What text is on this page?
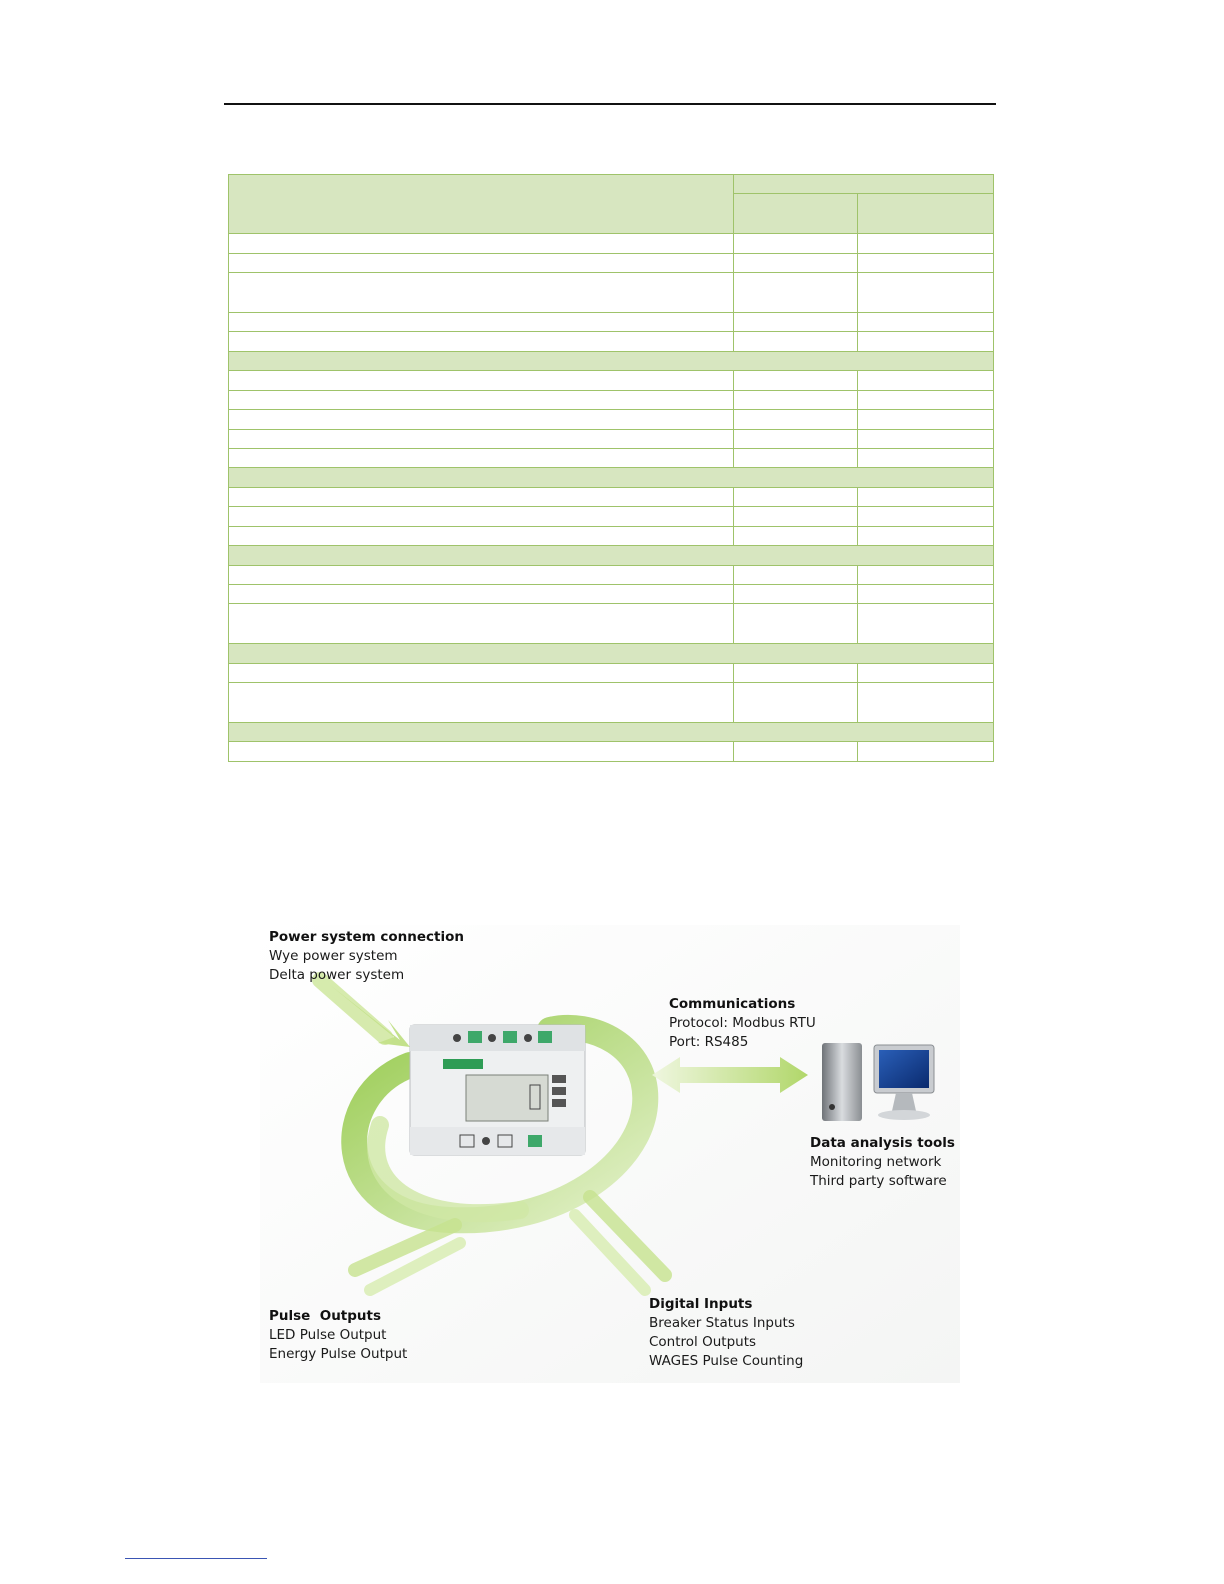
Power system connection
Wye power system
Delta power system
Communications
Protocol: Modbus RTU
Port: RS485
Data analysis tools
Monitoring network
Third party software
Pulse  Outputs
LED Pulse Output
Energy Pulse Output
Digital Inputs
Breaker Status Inputs
Control Outputs
WAGES Pulse Counting
